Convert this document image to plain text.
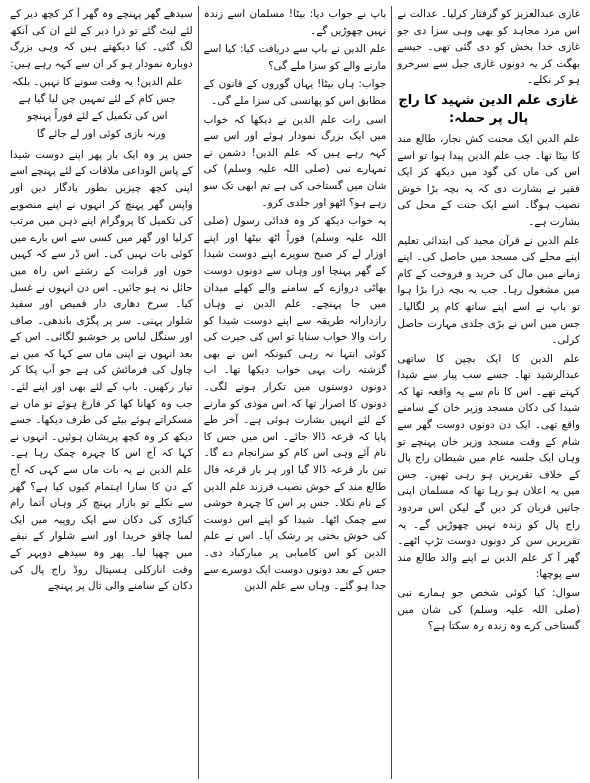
غازی عبدالعزیز کو گرفتار کرلیا۔ عدالت نے اس مرد مجاہد کو بھی وہی سزا دی جو غازی خدا بخش کو دی گئی تھی۔ جیسے بھگت کر یہ دونوں غازی جیل سے سرخرو ہو کر نکلے۔

غازی علم الدین شہید کا راج پال پر حملہ:

علم الدین ایک محنت کش نجار، طالع مند کا بیٹا تھا۔ جب علم الدین پیدا ہوا تو اسے اس کی ماں کی گود میں دیکھ کر ایک فقیر نے بشارت دی کہ یہ بچہ بڑا خوش نصیب ہوگا۔ اسے ایک جنت کے محل کی بشارت ہے۔

علم الدین نے قرآن مجید کی ابتدائی تعلیم اپنے محلے کی مسجد میں حاصل کی۔ اپنے زمانے میں مال کی خرید و فروخت کے کام میں مشغول رہا۔ جب یہ بچہ ذرا بڑا ہوا تو باپ نے اسے اپنے ساتھ کام پر لگالیا۔ جس میں اس نے بڑی جلدی مہارت حاصل کرلی۔

علم الدین کا ایک بچپن کا ساتھی عبدالرشید تھا۔ جسے سب پیار سے شیدا کہتے تھے۔ اس کا نام سے یہ واقعہ تھا کہ شیدا کی دکان مسجد وزیر خان کے سامنے واقع تھی۔ ایک دن دونوں دوست گھر سے شام کے وقت مسجد وزیر خان پہنچے تو وہاں ایک جلسہ عام میں شیطان راج پال کے خلاف تقریریں ہو رہی تھیں۔ جس میں یہ اعلان ہو رہا تھا کہ مسلمان اپنی جانیں قربان کر دیں گے لیکن اس مردود راج پال کو زندہ نہیں چھوڑیں گے۔ یہ تقریریں سن کر دونوں دوست تڑپ اٹھے۔ گھر آ کر علم الدین نے اپنے والد طالع مند سے پوچھا:

سوال: کیا کوئی شخص جو ہمارے نبی (صلی اللہ علیہ وسلم) کی شان میں گستاخی کرے وہ زندہ رہ سکتا ہے؟

باپ نے جواب دیا: بیٹا! مسلمان اسے زندہ نہیں چھوڑیں گے۔

علم الدین نے باپ سے دریافت کیا: کیا اسے مارنے والے کو سزا ملے گی؟

جواب: ہاں بیٹا! یہاں گوروں کے قانون کے مطابق اس کو پھانسی کی سزا ملے گی۔

اسی رات علم الدین نے دیکھا کہ خواب میں ایک بزرگ نمودار ہوئے اور اس سے کہہ رہے ہیں کہ علم الدین! دشمن نے تمہارے نبی (صلی اللہ علیہ وسلم) کی شان میں گستاخی کی ہے تم ابھی تک سو رہے ہو؟ اٹھو اور جلدی کرو۔

یہ خواب دیکھ کر وہ فدائی رسول (صلی اللہ علیہ وسلم) فوراً اٹھ بیٹھا اور اپنے اوزار لے کر صبح سویرے اپنے دوست شیدا کے گھر پہنچا اور وہاں سے دونوں دوست بھاٹی دروازے کے سامنے والے کھلے میدان میں جا پہنچے۔ علم الدین نے وہاں رازدارانہ طریقہ سے اپنے دوست شیدا کو رات والا خواب سنایا تو اس کی حیرت کی کوئی انتہا نہ رہی کیونکہ اس نے بھی گزشتہ رات یہی خواب دیکھا تھا۔ اب دونوں دوستوں میں تکرار ہونے لگی۔ دونوں کا اصرار تھا کہ اس موذی کو مارنے کے لئے انہیں بشارت ہوئی ہے۔ آخر طے پایا کہ قرعہ ڈالا جائے۔ اس میں جس کا نام آئے وہی اس کام کو سرانجام دے گا۔ تین بار قرعہ ڈالا گیا اور ہر بار قرعہ فال طالع مند کے خوش نصیب فرزند علم الدین کے نام نکلا۔ جس پر اس کا چہرہ خوشی سے چمک اٹھا۔ شیدا کو اپنے اس دوست کی خوش بختی پر رشک آیا۔ اس نے علم الدین کو اس کامیابی پر مبارکباد دی۔ جس کے بعد دونوں دوست ایک دوسرے سے جدا ہو گئے۔ وہاں سے علم الدین

سیدھے گھر پہنچے وہ گھر آ کر کچھ دیر کے لئے لیٹ گئے تو ذرا دیر کے لئے ان کی آنکھ لگ گئی۔ کیا دیکھتے ہیں کہ وہی بزرگ دوبارہ نمودار ہو کر ان سے کہہ رہے ہیں:

علم الدین! یہ وقت سونے کا نہیں۔ بلکہ جس کام کے لئے تمہیں چن لیا گیا ہے اس کی تکمیل کے لئے فوراً پہنچو

ورنہ بازی کوئی اور لے جائے گا

جس پر وہ ایک بار پھر اپنے دوست شیدا کے پاس الوداعی ملاقات کے لئے پہنچے اسے اپنی کچھ چیزیں بطور یادگار دیں اور واپس گھر پہنچ کر انہوں نے اپنے منصوبے کی تکمیل کا پروگرام اپنے ذہن میں مرتب کرلیا اور گھر میں کسی سے اس بارے میں کوئی بات نہیں کی۔ اس ڈر سے کہ کہیں خون اور قرابت کے رشتے اس راہ میں حائل نہ ہو جائیں۔ اس دن انہوں نے غسل کیا۔ سرخ دھاری دار قمیص اور سفید شلوار پہنی۔ سر پر پگڑی باندھی۔ صاف اور سنگل لباس پر خوشبو لگائی۔ اس کے بعد انہوں نے اپنی ماں سے کہا کہ میں نے چاول کی فرمائش کی ہے جو آپ پکا کر تیار رکھیں۔ باپ کے لئے بھی اور اپنے لئے۔ جب وہ کھانا کھا کر فارغ ہوئے تو ماں نے مسکراتے ہوئے بیٹے کی طرف دیکھا۔ جسے دیکھ کر وہ کچھ پریشان ہوئیں۔ انہوں نے کہا کہ آج اس کا چہرہ چمک رہا ہے۔ علم الدین نے یہ بات ماں سے کہی کہ آج کے دن کا سارا اہتمام کیوں کیا ہے؟ گھر سے نکلے تو بازار پہنچ کر وہاں آتما رام کباڑی کی دکان سے ایک روپیہ میں ایک لمبا چاقو خریدا اور اسے شلوار کے نیفے میں چھپا لیا۔ پھر وہ سیدھے دوپہر کے وقت انارکلی ہسپتال روڈ راج پال کی دکان کے سامنے والی تال پر پہنچے
